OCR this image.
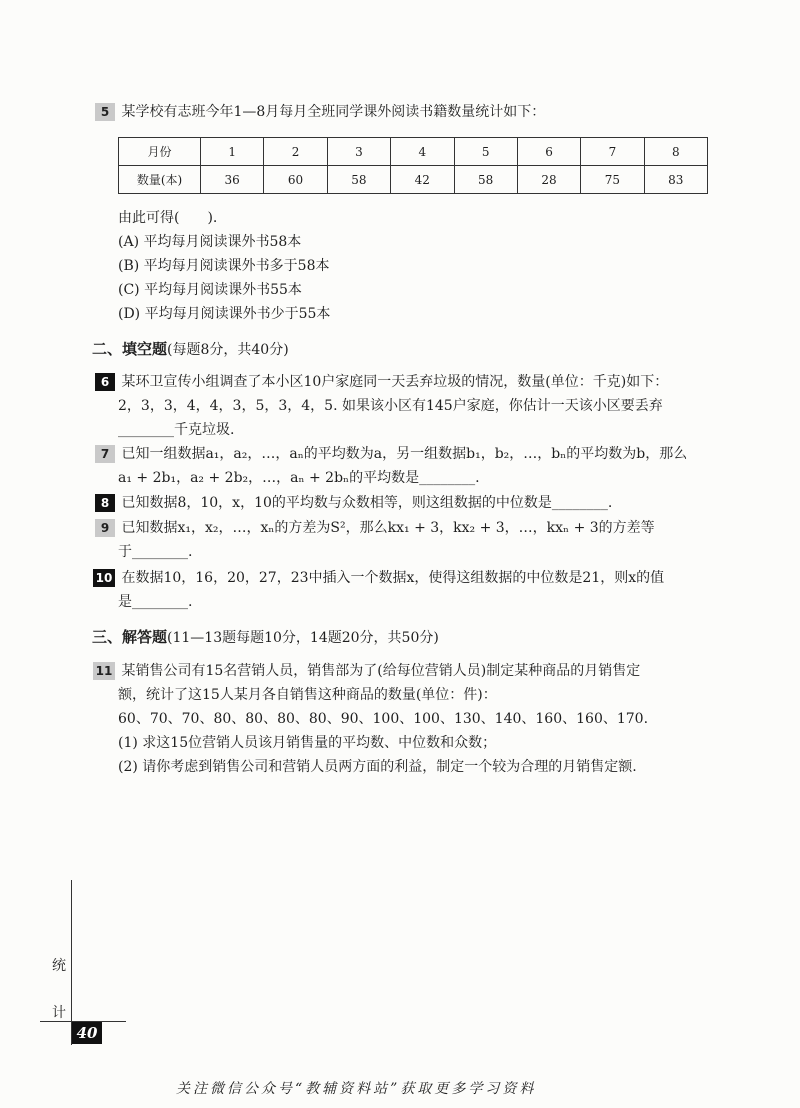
5 某学校有志班今年1—8月每月全班同学课外阅读书籍数量统计如下：
月份	1	2	3	4	5	6	7	8
数量(本)	36	60	58	42	58	28	75	83
由此可得(　　).
(A) 平均每月阅读课外书58本
(B) 平均每月阅读课外书多于58本
(C) 平均每月阅读课外书55本
(D) 平均每月阅读课外书少于55本
二、填空题(每题8分，共40分)
6 某环卫宣传小组调查了本小区10户家庭同一天丢弃垃圾的情况，数量(单位：千克)如下：
2，3，3，4，4，3，5，3，4，5. 如果该小区有145户家庭，你估计一天该小区要丢弃
________千克垃圾.
7 已知一组数据a₁，a₂，…，aₙ的平均数为a，另一组数据b₁，b₂，…，bₙ的平均数为b，那么
a₁ + 2b₁，a₂ + 2b₂，…，aₙ + 2bₙ的平均数是________.
8 已知数据8，10，x，10的平均数与众数相等，则这组数据的中位数是________.
9 已知数据x₁，x₂，…，xₙ的方差为S²，那么kx₁ + 3，kx₂ + 3，…，kxₙ + 3的方差等
于________.
10 在数据10，16，20，27，23中插入一个数据x，使得这组数据的中位数是21，则x的值
是________.
三、解答题(11—13题每题10分，14题20分，共50分)
11 某销售公司有15名营销人员，销售部为了(给每位营销人员)制定某种商品的月销售定
额，统计了这15人某月各自销售这种商品的数量(单位：件)：
60、70、70、80、80、80、80、90、100、100、130、140、160、160、170.
(1) 求这15位营销人员该月销售量的平均数、中位数和众数；
(2) 请你考虑到销售公司和营销人员两方面的利益，制定一个较为合理的月销售定额.
统
计
40
关注微信公众号“教辅资料站”获取更多学习资料
